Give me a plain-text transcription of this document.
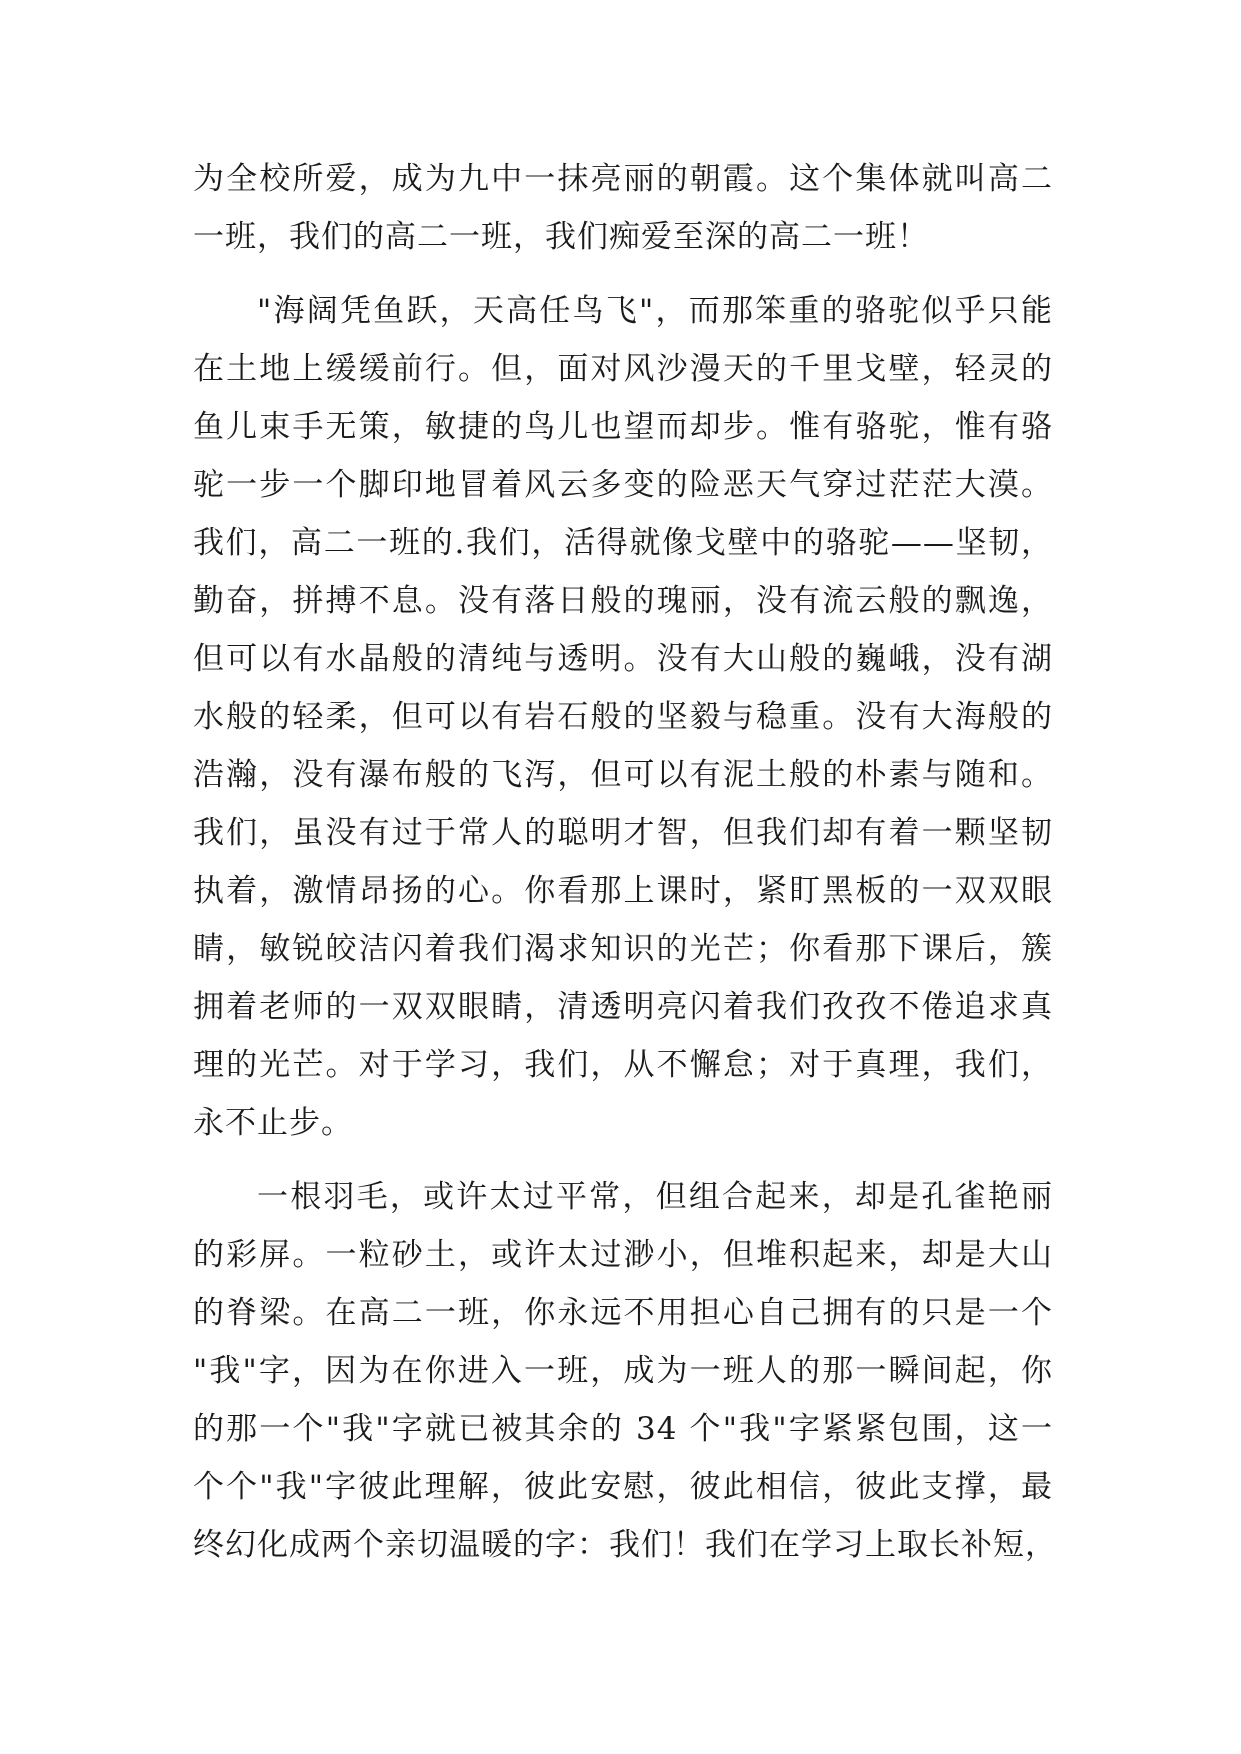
为全校所爱，成为九中一抹亮丽的朝霞。这个集体就叫高二
一班，我们的高二一班，我们痴爱至深的高二一班！
"海阔凭鱼跃，天高任鸟飞"，而那笨重的骆驼似乎只能
在土地上缓缓前行。但，面对风沙漫天的千里戈壁，轻灵的
鱼儿束手无策，敏捷的鸟儿也望而却步。惟有骆驼，惟有骆
驼一步一个脚印地冒着风云多变的险恶天气穿过茫茫大漠。
我们，高二一班的.我们，活得就像戈壁中的骆驼——坚韧，
勤奋，拼搏不息。没有落日般的瑰丽，没有流云般的飘逸，
但可以有水晶般的清纯与透明。没有大山般的巍峨，没有湖
水般的轻柔，但可以有岩石般的坚毅与稳重。没有大海般的
浩瀚，没有瀑布般的飞泻，但可以有泥土般的朴素与随和。
我们，虽没有过于常人的聪明才智，但我们却有着一颗坚韧
执着，激情昂扬的心。你看那上课时，紧盯黑板的一双双眼
睛，敏锐皎洁闪着我们渴求知识的光芒；你看那下课后，簇
拥着老师的一双双眼睛，清透明亮闪着我们孜孜不倦追求真
理的光芒。对于学习，我们，从不懈怠；对于真理，我们，
永不止步。
一根羽毛，或许太过平常，但组合起来，却是孔雀艳丽
的彩屏。一粒砂土，或许太过渺小，但堆积起来，却是大山
的脊梁。在高二一班，你永远不用担心自己拥有的只是一个
"我"字，因为在你进入一班，成为一班人的那一瞬间起，你
的那一个"我"字就已被其余的 34 个"我"字紧紧包围，这一
个个"我"字彼此理解，彼此安慰，彼此相信，彼此支撑，最
终幻化成两个亲切温暖的字：我们！我们在学习上取长补短，
